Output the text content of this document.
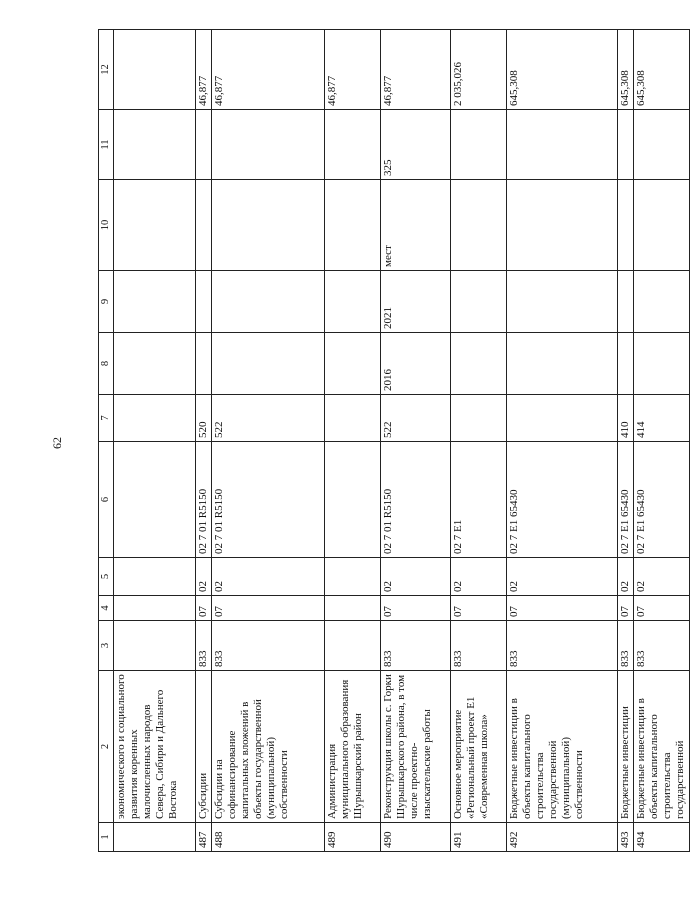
62
1	2	3	4	5	6	7	8	9	10	11	12
	экономического и социального развития коренных малочисленных народов Севера, Сибири и Дальнего Востока										
487	Субсидии	833	07	02	02 7 01 R5150	520					46,877
488	Субсидии на софинансирование капитальных вложений в объекты государственной (муниципальной) собственности	833	07	02	02 7 01 R5150	522					46,877
489	Администрация муниципального образования Шурышкарский район										46,877
490	Реконструкция школы с. Горки Шурышкарского района, в том числе проектно-изыскательские работы	833	07	02	02 7 01 R5150	522	2016	2021	мест	325	46,877
491	Основное мероприятие «Региональный проект E1 «Современная школа»	833	07	02	02 7 E1						2 035,026
492	Бюджетные инвестиции в объекты капитального строительства государственной (муниципальной) собственности	833	07	02	02 7 E1 65430						645,308
493	Бюджетные инвестиции	833	07	02	02 7 E1 65430	410					645,308
494	Бюджетные инвестиции в объекты капитального строительства государственной	833	07	02	02 7 E1 65430	414					645,308
